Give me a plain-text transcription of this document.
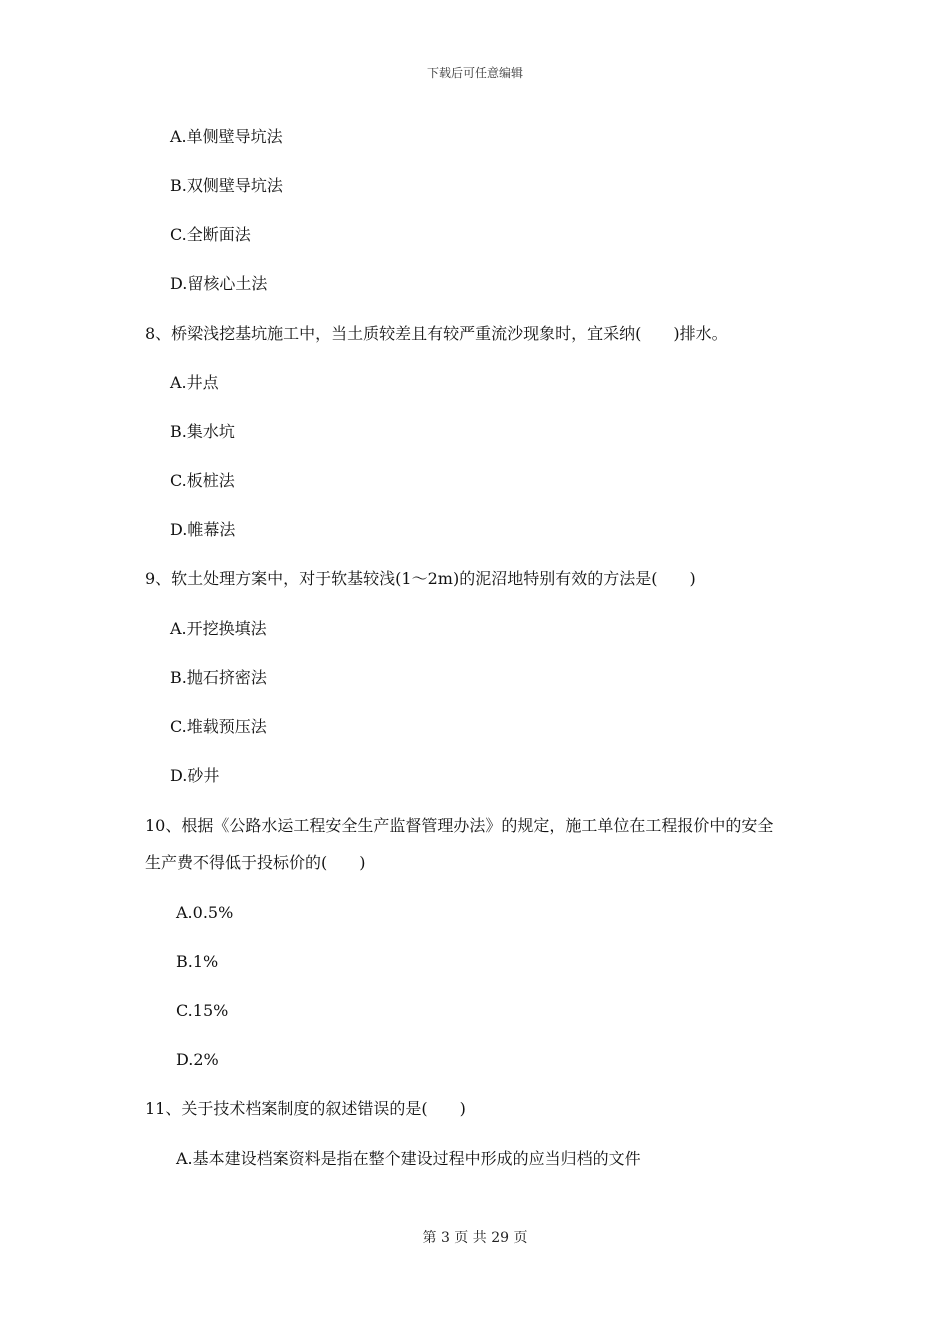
下载后可任意编辑
A.单侧壁导坑法
B.双侧壁导坑法
C.全断面法
D.留核心土法
8、桥梁浅挖基坑施工中，当土质较差且有较严重流沙现象时，宜采纳(　　)排水。
A.井点
B.集水坑
C.板桩法
D.帷幕法
9、软土处理方案中，对于软基较浅(1～2m)的泥沼地特别有效的方法是(　　)
A.开挖换填法
B.抛石挤密法
C.堆载预压法
D.砂井
10、根据《公路水运工程安全生产监督管理办法》的规定，施工单位在工程报价中的安全
生产费不得低于投标价的(　　)
A.0.5%
B.1%
C.15%
D.2%
11、关于技术档案制度的叙述错误的是(　　)
A.基本建设档案资料是指在整个建设过程中形成的应当归档的文件
第 3 页 共 29 页
